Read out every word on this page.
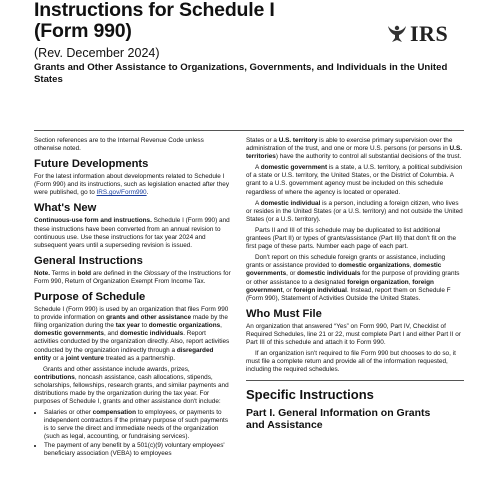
Instructions for Schedule I
(Form 990)
(Rev. December 2024)
Grants and Other Assistance to Organizations, Governments, and Individuals in the United States
IRS

Section references are to the Internal Revenue Code unless otherwise noted.

Future Developments

For the latest information about developments related to Schedule I (Form 990) and its instructions, such as legislation enacted after they were published, go to IRS.gov/Form990.

What's New

Continuous-use form and instructions. Schedule I (Form 990) and these instructions have been converted from an annual revision to continuous use. Use these instructions for tax year 2024 and subsequent years until a superseding revision is issued.

General Instructions

Note. Terms in bold are defined in the Glossary of the Instructions for Form 990, Return of Organization Exempt From Income Tax.

Purpose of Schedule

Schedule I (Form 990) is used by an organization that files Form 990 to provide information on grants and other assistance made by the filing organization during the tax year to domestic organizations, domestic governments, and domestic individuals. Report activities conducted by the organization directly. Also, report activities conducted by the organization indirectly through a disregarded entity or a joint venture treated as a partnership.

Grants and other assistance include awards, prizes, contributions, noncash assistance, cash allocations, stipends, scholarships, fellowships, research grants, and similar payments and distributions made by the organization during the tax year. For purposes of Schedule I, grants and other assistance don't include:

• Salaries or other compensation to employees, or payments to independent contractors if the primary purpose of such payments is to serve the direct and immediate needs of the organization (such as legal, accounting, or fundraising services).
• The payment of any benefit by a 501(c)(9) voluntary employees' beneficiary association (VEBA) to employees

States or a U.S. territory is able to exercise primary supervision over the administration of the trust, and one or more U.S. persons (or persons in U.S. territories) have the authority to control all substantial decisions of the trust.

A domestic government is a state, a U.S. territory, a political subdivision of a state or U.S. territory, the United States, or the District of Columbia. A grant to a U.S. government agency must be included on this schedule regardless of where the agency is located or operated.

A domestic individual is a person, including a foreign citizen, who lives or resides in the United States (or a U.S. territory) and not outside the United States (or a U.S. territory).

Parts II and III of this schedule may be duplicated to list additional grantees (Part II) or types of grants/assistance (Part III) that don't fit on the first page of these parts. Number each page of each part.

Don't report on this schedule foreign grants or assistance, including grants or assistance provided to domestic organizations, domestic governments, or domestic individuals for the purpose of providing grants or other assistance to a designated foreign organization, foreign government, or foreign individual. Instead, report them on Schedule F (Form 990), Statement of Activities Outside the United States.

Who Must File

An organization that answered “Yes” on Form 990, Part IV, Checklist of Required Schedules, line 21 or 22, must complete Part I and either Part II or Part III of this schedule and attach it to Form 990.

If an organization isn't required to file Form 990 but chooses to do so, it must file a complete return and provide all of the information requested, including the required schedules.

Specific Instructions
Part I. General Information on Grants
and Assistance
